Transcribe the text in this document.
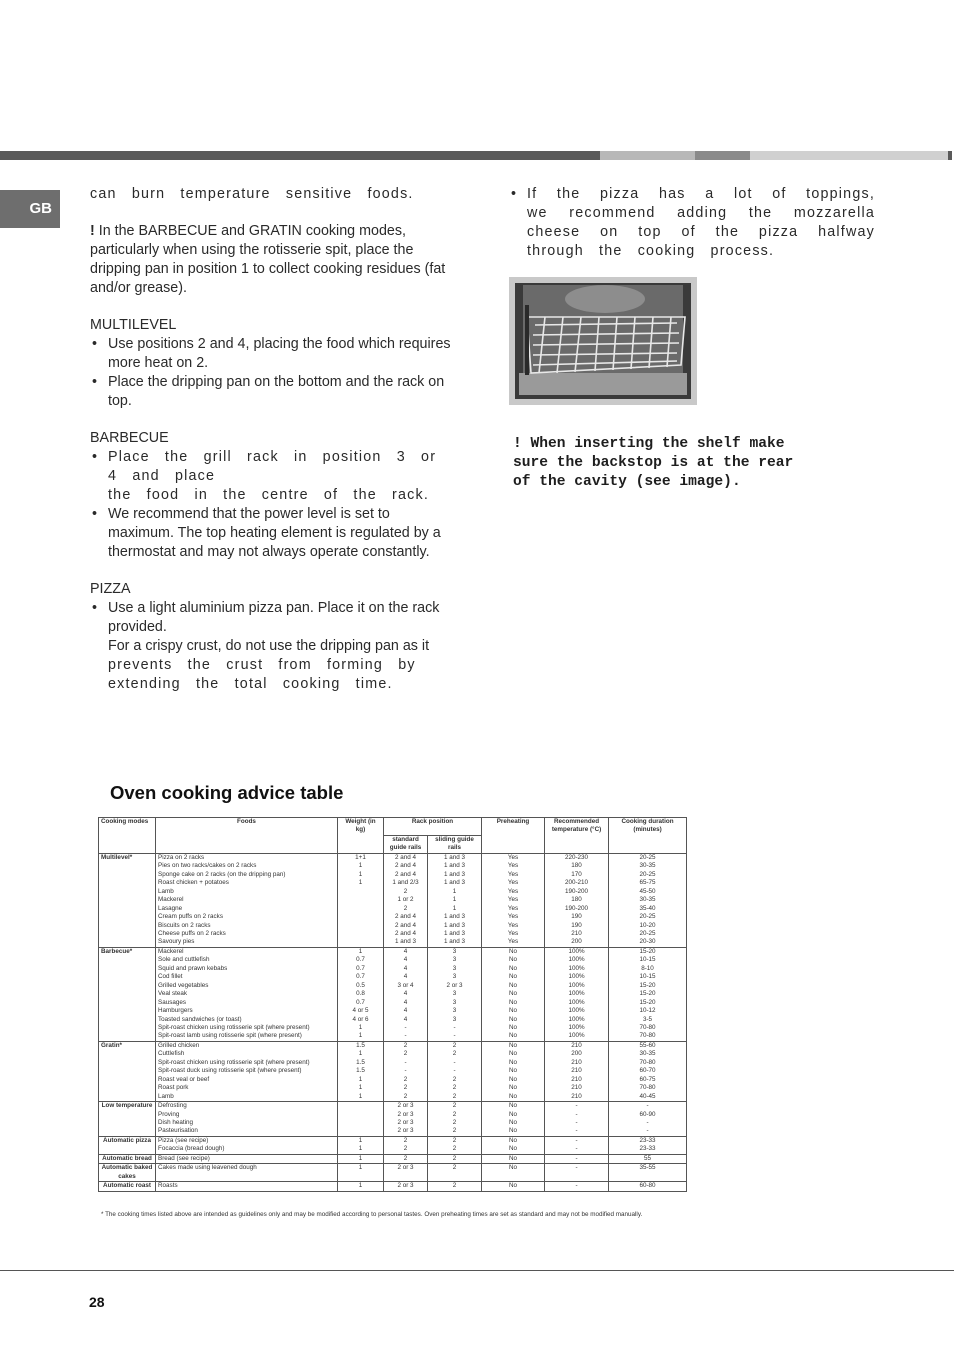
GB

can burn temperature sensitive foods.

! In the BARBECUE and GRATIN cooking modes, particularly when using the rotisserie spit, place the dripping pan in position 1 to collect cooking residues (fat and/or grease).

MULTILEVEL

• Use positions 2 and 4, placing the food which requires more heat on 2.

• Place the dripping pan on the bottom and the rack on top.

BARBECUE

• Place the grill rack in position 3 or 4 and place

the food in the centre of the rack.

• We recommend that the power level is set to maximum. The top heating element is regulated by a thermostat and may not always operate constantly.

PIZZA

• Use a light aluminium pizza pan. Place it on the rack provided.

For a crispy crust, do not use the dripping pan as it

prevents the crust from forming by

extending the total cooking time.

• If the pizza has a lot of toppings, we recommend adding the mozzarella cheese on top of the pizza halfway through the cooking process.

! When inserting the shelf make sure the backstop is at the rear of the cavity (see image).
Oven cooking advice table
Cooking modes	Foods	Weight (in kg)	Rack position		Preheating	Recommended temperature (°C)	Cooking duration (minutes)
			standard guide rails	sliding guide rails			
Multilevel*	Pizza on 2 racks	1+1	2 and 4	1 and 3	Yes	220-230	20-25
	Pies on two racks/cakes on 2 racks	1	2 and 4	1 and 3	Yes	180	30-35
	Sponge cake on 2 racks (on the dripping pan)	1	2 and 4	1 and 3	Yes	170	20-25
	Roast chicken + potatoes	1	1 and 2/3	1 and 3	Yes	200-210	65-75
	Lamb		2	1	Yes	190-200	45-50
	Mackerel		1 or 2	1	Yes	180	30-35
	Lasagne		2	1	Yes	190-200	35-40
	Cream puffs on 2 racks		2 and 4	1 and 3	Yes	190	20-25
	Biscuits on 2 racks		2 and 4	1 and 3	Yes	190	10-20
	Cheese puffs on 2 racks		2 and 4	1 and 3	Yes	210	20-25
	Savoury pies		1 and 3	1 and 3	Yes	200	20-30
Barbecue*	Mackerel	1	4	3	No	100%	15-20
	Sole and cuttlefish	0.7	4	3	No	100%	10-15
	Squid and prawn kebabs	0.7	4	3	No	100%	8-10
	Cod fillet	0.7	4	3	No	100%	10-15
	Grilled vegetables	0.5	3 or 4	2 or 3	No	100%	15-20
	Veal steak	0.8	4	3	No	100%	15-20
	Sausages	0.7	4	3	No	100%	15-20
	Hamburgers	4 or 5	4	3	No	100%	10-12
	Toasted sandwiches (or toast)	4 or 6	4	3	No	100%	3-5
	Spit-roast chicken using rotisserie spit (where present)	1	-	-	No	100%	70-80
	Spit-roast lamb using rotisserie spit (where present)	1	-	-	No	100%	70-80
Gratin*	Grilled chicken	1.5	2	2	No	210	55-60
	Cuttlefish	1	2	2	No	200	30-35
	Spit-roast chicken using rotisserie spit (where present)	1.5	-	-	No	210	70-80
	Spit-roast duck using rotisserie spit (where present)	1.5	-	-	No	210	60-70
	Roast veal or beef	1	2	2	No	210	60-75
	Roast pork	1	2	2	No	210	70-80
	Lamb	1	2	2	No	210	40-45
Low temperature	Defrosting		2 or 3	2	No	-	-
	Proving		2 or 3	2	No	-	60-90
	Dish heating		2 or 3	2	No	-	-
	Pasteurisation		2 or 3	2	No	-	-
Automatic pizza	Pizza (see recipe)	1	2	2	No	-	23-33
	Focaccia (bread dough)	1	2	2	No	-	23-33
Automatic bread	Bread (see recipe)	1	2	2	No	-	55
Automatic baked cakes	Cakes made using leavened dough	1	2 or 3	2	No	-	35-55
Automatic roast	Roasts	1	2 or 3	2	No	-	60-80
* The cooking times listed above are intended as guidelines only and may be modified according to personal tastes. Oven preheating times are set as standard and may not be modified manually.
28
